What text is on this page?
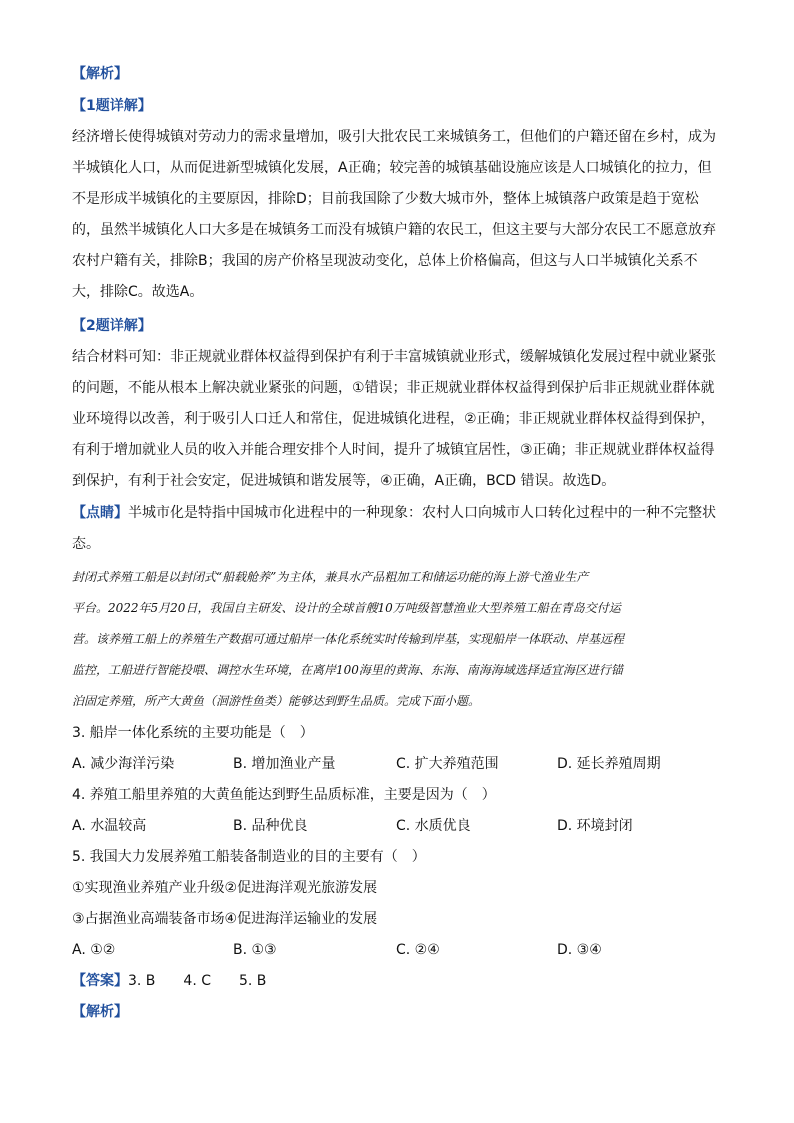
【解析】
【1题详解】
经济增长使得城镇对劳动力的需求量增加，吸引大批农民工来城镇务工，但他们的户籍还留在乡村，成为
半城镇化人口，从而促进新型城镇化发展，A正确；较完善的城镇基础设施应该是人口城镇化的拉力，但
不是形成半城镇化的主要原因，排除D；目前我国除了少数大城市外，整体上城镇落户政策是趋于宽松
的，虽然半城镇化人口大多是在城镇务工而没有城镇户籍的农民工，但这主要与大部分农民工不愿意放弃
农村户籍有关，排除B；我国的房产价格呈现波动变化，总体上价格偏高，但这与人口半城镇化关系不
大，排除C。故选A。
【2题详解】
结合材料可知：非正规就业群体权益得到保护有利于丰富城镇就业形式，缓解城镇化发展过程中就业紧张
的问题，不能从根本上解决就业紧张的问题，①错误；非正规就业群体权益得到保护后非正规就业群体就
业环境得以改善，利于吸引人口迁人和常住，促进城镇化进程，②正确；非正规就业群体权益得到保护，
有利于增加就业人员的收入并能合理安排个人时间，提升了城镇宜居性，③正确；非正规就业群体权益得
到保护，有利于社会安定，促进城镇和谐发展等，④正确，A正确，BCD 错误。故选D。
【点睛】半城市化是特指中国城市化进程中的一种现象：农村人口向城市人口转化过程中的一种不完整状
态。
封闭式养殖工船是以封闭式“船载舱养”为主体，兼具水产品粗加工和储运功能的海上游弋渔业生产
平台。2022年5月20日，我国自主研发、设计的全球首艘10万吨级智慧渔业大型养殖工船在青岛交付运
营。该养殖工船上的养殖生产数据可通过船岸一体化系统实时传输到岸基，实现船岸一体联动、岸基远程
监控，工船进行智能投喂、调控水生环境，在离岸100海里的黄海、东海、南海海域选择适宜海区进行锚
泊固定养殖，所产大黄鱼（洄游性鱼类）能够达到野生品质。完成下面小题。
3. 船岸一体化系统的主要功能是（　）
A. 减少海洋污染	B. 增加渔业产量	C. 扩大养殖范围	D. 延长养殖周期
4. 养殖工船里养殖的大黄鱼能达到野生品质标准，主要是因为（　）
A. 水温较高	B. 品种优良	C. 水质优良	D. 环境封闭
5. 我国大力发展养殖工船装备制造业的目的主要有（　）
①实现渔业养殖产业升级②促进海洋观光旅游发展
③占据渔业高端装备市场④促进海洋运输业的发展
A. ①②	B. ①③	C. ②④	D. ③④
【答案】3. B　　4. C　　5. B
【解析】
